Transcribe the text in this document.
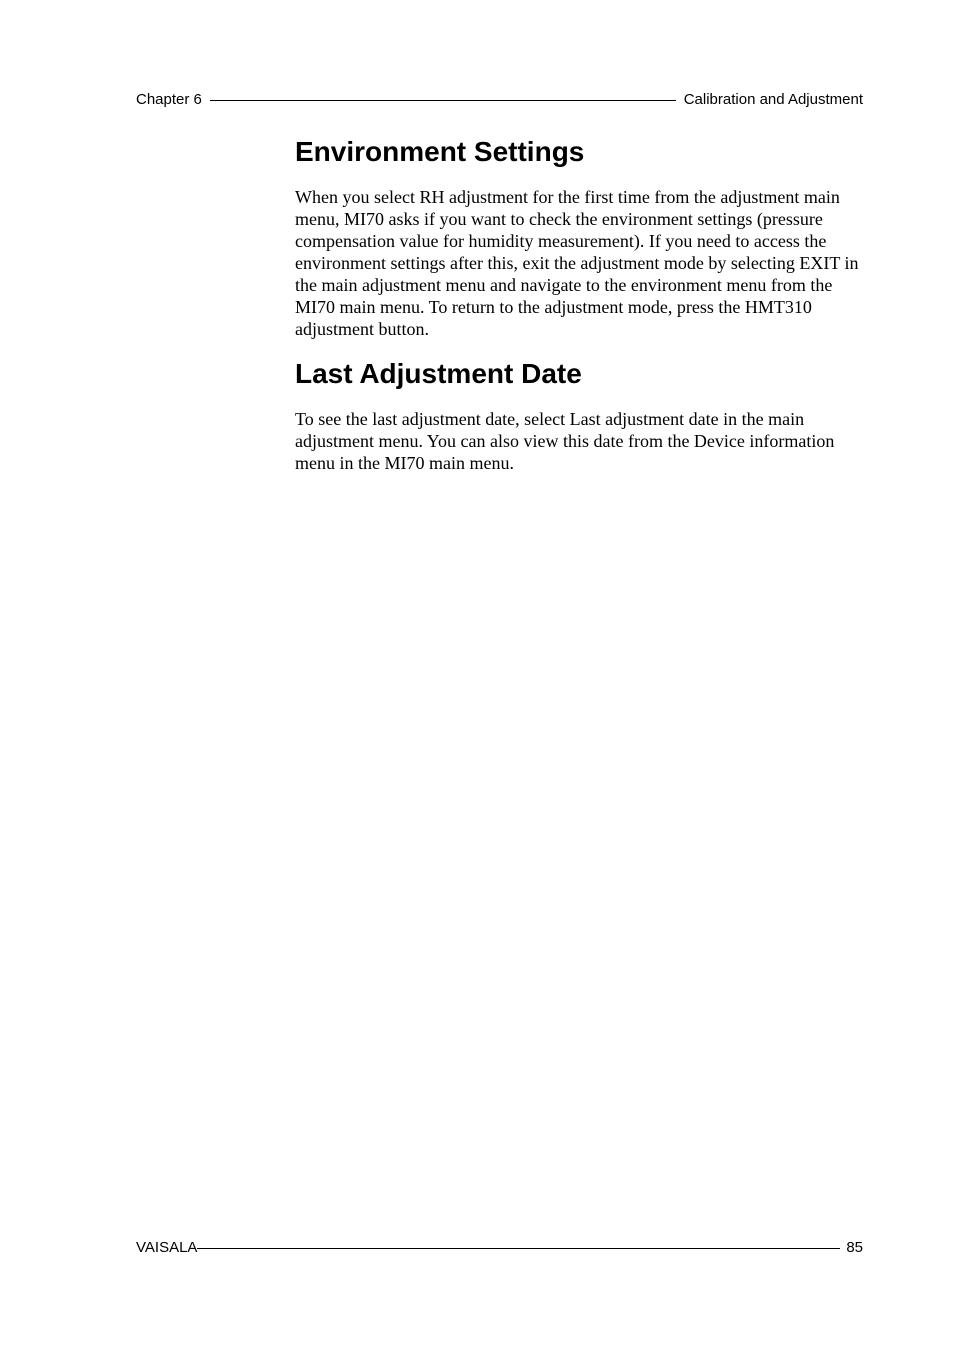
Chapter 6	Calibration and Adjustment
Environment Settings

When you select RH adjustment for the first time from the adjustment main menu, MI70 asks if you want to check the environment settings (pressure compensation value for humidity measurement). If you need to access the environment settings after this, exit the adjustment mode by selecting EXIT in the main adjustment menu and navigate to the environment menu from the MI70 main menu. To return to the adjustment mode, press the HMT310 adjustment button.

Last Adjustment Date

To see the last adjustment date, select Last adjustment date in the main adjustment menu. You can also view this date from the Device information menu in the MI70 main menu.

VAISALA	85
